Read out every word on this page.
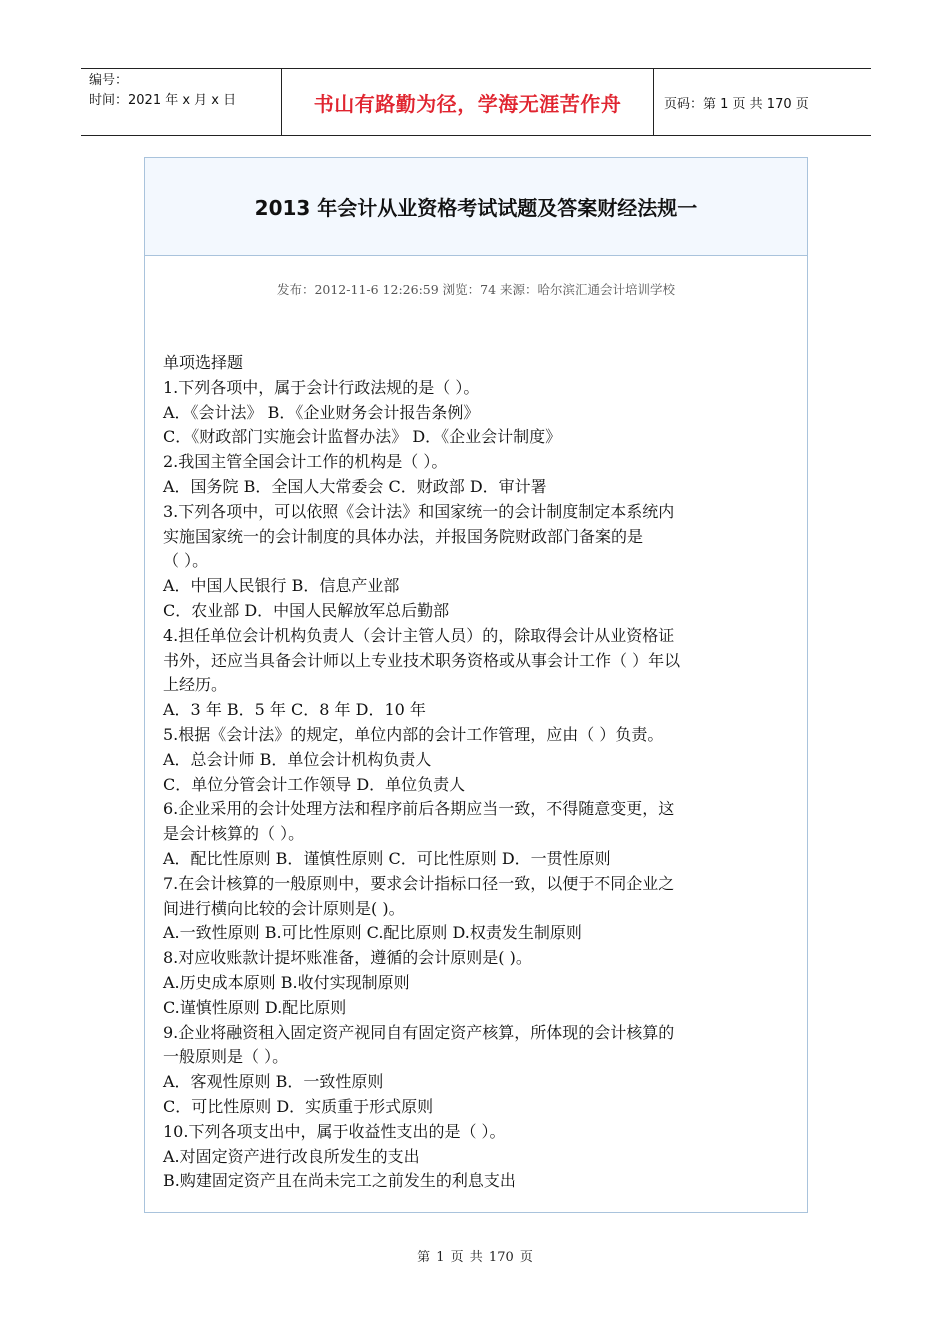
编号：
时间：2021 年 x 月 x 日	书山有路勤为径，学海无涯苦作舟	页码：第 1 页 共 170 页
2013 年会计从业资格考试试题及答案财经法规一
发布：2012-11-6 12:26:59 浏览：74 来源：哈尔滨汇通会计培训学校

单项选择题

1.下列各项中，属于会计行政法规的是（ ）。

A．《会计法》 B．《企业财务会计报告条例》

C．《财政部门实施会计监督办法》 D．《企业会计制度》

2.我国主管全国会计工作的机构是（ ）。

A．国务院 B．全国人大常委会 C．财政部 D．审计署

3.下列各项中，可以依照《会计法》和国家统一的会计制度制定本系统内

实施国家统一的会计制度的具体办法，并报国务院财政部门备案的是

（ ）。

A．中国人民银行 B．信息产业部

C．农业部 D．中国人民解放军总后勤部

4.担任单位会计机构负责人（会计主管人员）的，除取得会计从业资格证

书外，还应当具备会计师以上专业技术职务资格或从事会计工作（ ）年以

上经历。

A．3 年 B．5 年 C．8 年 D．10 年

5.根据《会计法》的规定，单位内部的会计工作管理，应由（ ）负责。

A．总会计师 B．单位会计机构负责人

C．单位分管会计工作领导 D．单位负责人

6.企业采用的会计处理方法和程序前后各期应当一致，不得随意变更，这

是会计核算的（ ）。

A．配比性原则 B．谨慎性原则 C．可比性原则 D．一贯性原则

7.在会计核算的一般原则中，要求会计指标口径一致，以便于不同企业之

间进行横向比较的会计原则是( )。

A.一致性原则 B.可比性原则 C.配比原则 D.权责发生制原则

8.对应收账款计提坏账准备，遵循的会计原则是( )。

A.历史成本原则 B.收付实现制原则

C.谨慎性原则 D.配比原则

9.企业将融资租入固定资产视同自有固定资产核算，所体现的会计核算的

一般原则是（ ）。

A．客观性原则 B．一致性原则

C．可比性原则 D．实质重于形式原则

10.下列各项支出中，属于收益性支出的是（ ）。

A.对固定资产进行改良所发生的支出

B.购建固定资产且在尚未完工之前发生的利息支出

第 1 页 共 170 页
